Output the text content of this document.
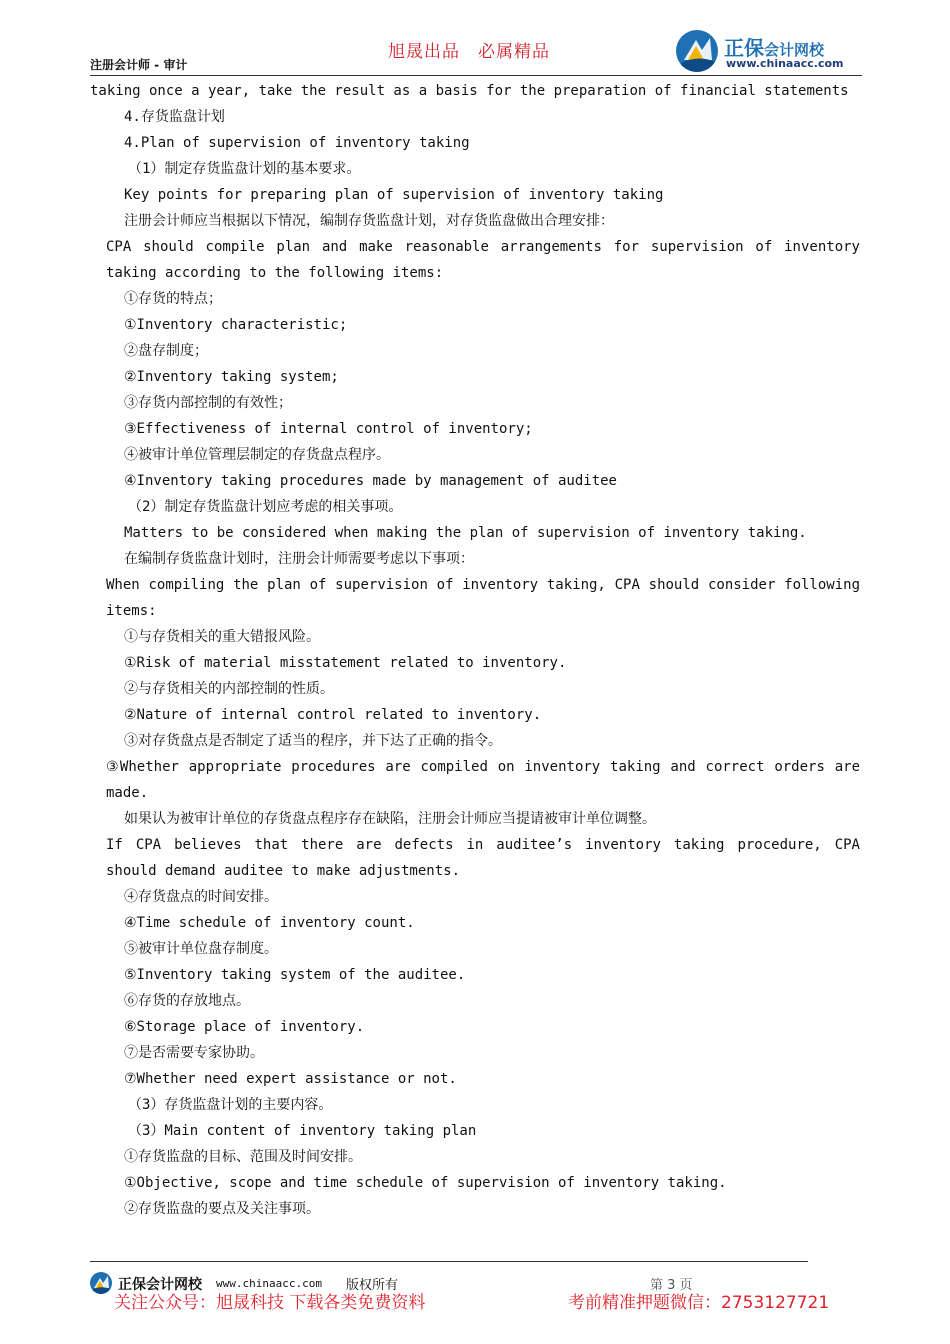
旭晟出品　必属精品
注册会计师 - 审计
正保会计网校
www.chinaacc.com

taking once a year, take the result as a basis for the preparation of financial statements

4.存货监盘计划

4.Plan of supervision of inventory taking

（1）制定存货监盘计划的基本要求。

Key points for preparing plan of supervision of inventory taking

注册会计师应当根据以下情况，编制存货监盘计划，对存货监盘做出合理安排：

CPA should compile plan and make reasonable arrangements for supervision of inventory taking according to the following items:

①存货的特点；

①Inventory characteristic;

②盘存制度；

②Inventory taking system;

③存货内部控制的有效性；

③Effectiveness of internal control of inventory;

④被审计单位管理层制定的存货盘点程序。

④Inventory taking procedures made by management of auditee

（2）制定存货监盘计划应考虑的相关事项。

Matters to be considered when making the plan of supervision of inventory taking.

在编制存货监盘计划时，注册会计师需要考虑以下事项：

When compiling the plan of supervision of inventory taking, CPA should consider following items:

①与存货相关的重大错报风险。

①Risk of material misstatement related to inventory.

②与存货相关的内部控制的性质。

②Nature of internal control related to inventory.

③对存货盘点是否制定了适当的程序，并下达了正确的指令。

③Whether appropriate procedures are compiled on inventory taking and correct orders are made.

如果认为被审计单位的存货盘点程序存在缺陷，注册会计师应当提请被审计单位调整。

If CPA believes that there are defects in auditee’s inventory taking procedure, CPA should demand auditee to make adjustments.

④存货盘点的时间安排。

④Time schedule of inventory count.

⑤被审计单位盘存制度。

⑤Inventory taking system of the auditee.

⑥存货的存放地点。

⑥Storage place of inventory.

⑦是否需要专家协助。

⑦Whether need expert assistance or not.

（3）存货监盘计划的主要内容。

（3）Main content of inventory taking plan

①存货监盘的目标、范围及时间安排。

①Objective, scope and time schedule of supervision of inventory taking.

②存货监盘的要点及关注事项。

正保会计网校 www.chinaacc.com 版权所有	第 3 页
关注公众号：旭晟科技 下载各类免费资料	考前精准押题微信：2753127721
